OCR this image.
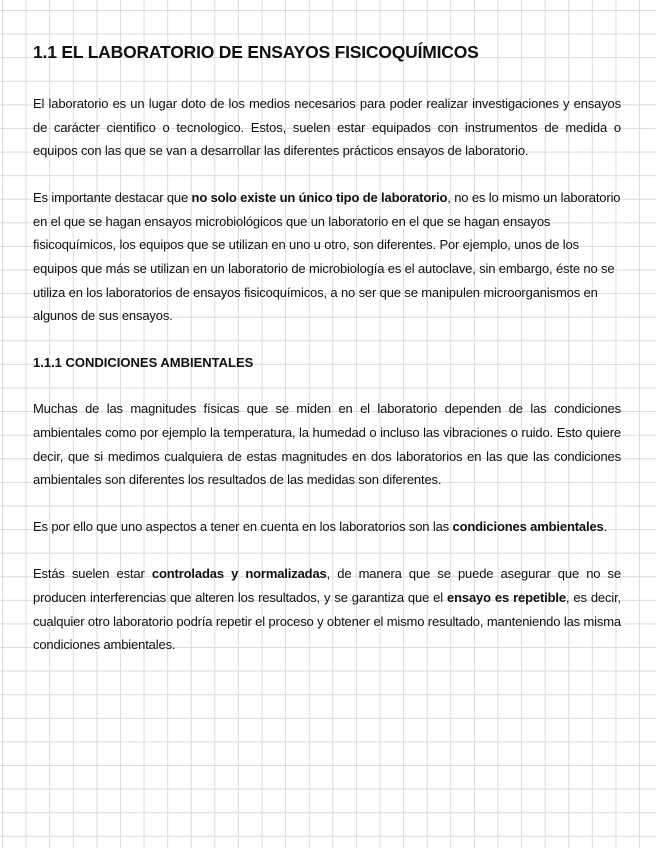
1.1 EL LABORATORIO DE ENSAYOS FISICOQUÍMICOS

El laboratorio es un lugar doto de los medios necesarios para poder realizar investigaciones y ensayos de carácter cientifico o tecnologico. Estos, suelen estar equipados con instrumentos de medida o equipos con las que se van a desarrollar las diferentes prácticos ensayos de laboratorio.

Es importante destacar que no solo existe un único tipo de laboratorio, no es lo mismo un laboratorio en el que se hagan ensayos microbiológicos que un laboratorio en el que se hagan ensayos fisicoquímicos, los equipos que se utilizan en uno u otro, son diferentes. Por ejemplo, unos de los equipos que más se utilizan en un laboratorio de microbiología es el autoclave, sin embargo, éste no se utiliza en los laboratorios de ensayos fisicoquímicos, a no ser que se manipulen microorganismos en algunos de sus ensayos.

1.1.1 CONDICIONES AMBIENTALES

Muchas de las magnitudes físicas que se miden en el laboratorio dependen de las condiciones ambientales como por ejemplo la temperatura, la humedad o incluso las vibraciones o ruido. Esto quiere decir, que si medimos cualquiera de estas magnitudes en dos laboratorios en las que las condiciones ambientales son diferentes los resultados de las medidas son diferentes.

Es por ello que uno aspectos a tener en cuenta en los laboratorios son las condiciones ambientales.

Estás suelen estar controladas y normalizadas, de manera que se puede asegurar que no se producen interferencias que alteren los resultados, y se garantiza que el ensayo es repetible, es decir, cualquier otro laboratorio podría repetir el proceso y obtener el mismo resultado, manteniendo las misma condiciones ambientales.
